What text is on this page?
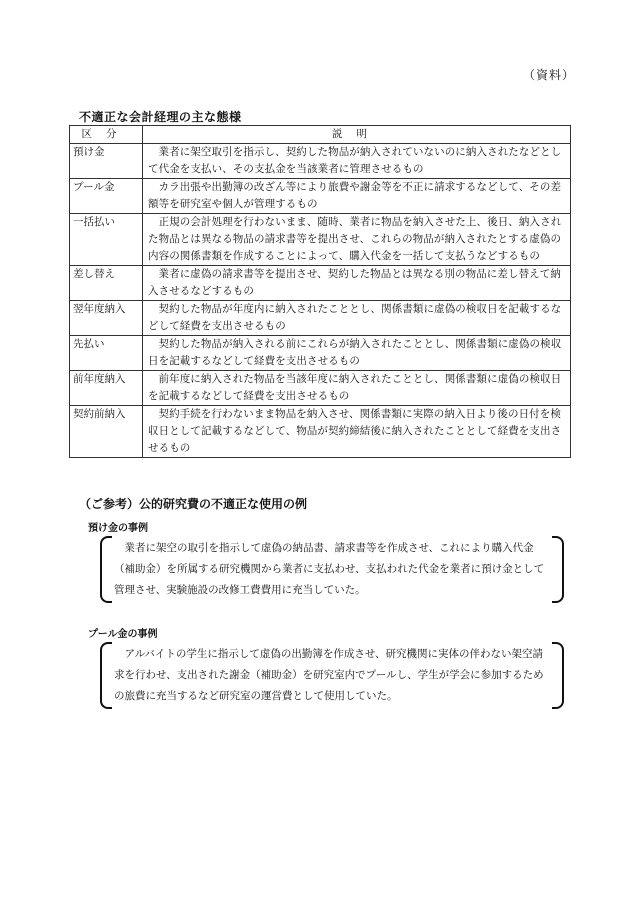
（資料）
不適正な会計経理の主な態様
区分	説明
預け金	業者に架空取引を指示し、契約した物品が納入されていないのに納入されたなどとして代金を支払い、その支払金を当該業者に管理させるもの
プール金	カラ出張や出勤簿の改ざん等により旅費や謝金等を不正に請求するなどして、その差額等を研究室や個人が管理するもの
一括払い	正規の会計処理を行わないまま、随時、業者に物品を納入させた上、後日、納入された物品とは異なる物品の請求書等を提出させ、これらの物品が納入されたとする虚偽の内容の関係書類を作成することによって、購入代金を一括して支払うなどするもの
差し替え	業者に虚偽の請求書等を提出させ、契約した物品とは異なる別の物品に差し替えて納入させるなどするもの
翌年度納入	契約した物品が年度内に納入されたこととし、関係書類に虚偽の検収日を記載するなどして経費を支出させるもの
先払い	契約した物品が納入される前にこれらが納入されたこととし、関係書類に虚偽の検収日を記載するなどして経費を支出させるもの
前年度納入	前年度に納入された物品を当該年度に納入されたこととし、関係書類に虚偽の検収日を記載するなどして経費を支出させるもの
契約前納入	契約手続を行わないまま物品を納入させ、関係書類に実際の納入日より後の日付を検収日として記載するなどして、物品が契約締結後に納入されたこととして経費を支出させるもの
（ご参考）公的研究費の不適正な使用の例
預け金の事例
業者に架空の取引を指示して虚偽の納品書、請求書等を作成させ、これにより購入代金（補助金）を所属する研究機関から業者に支払わせ、支払われた代金を業者に預け金として管理させ、実験施設の改修工費費用に充当していた。
プール金の事例
アルバイトの学生に指示して虚偽の出勤簿を作成させ、研究機関に実体の伴わない架空請求を行わせ、支出された謝金（補助金）を研究室内でプールし、学生が学会に参加するための旅費に充当するなど研究室の運営費として使用していた。
